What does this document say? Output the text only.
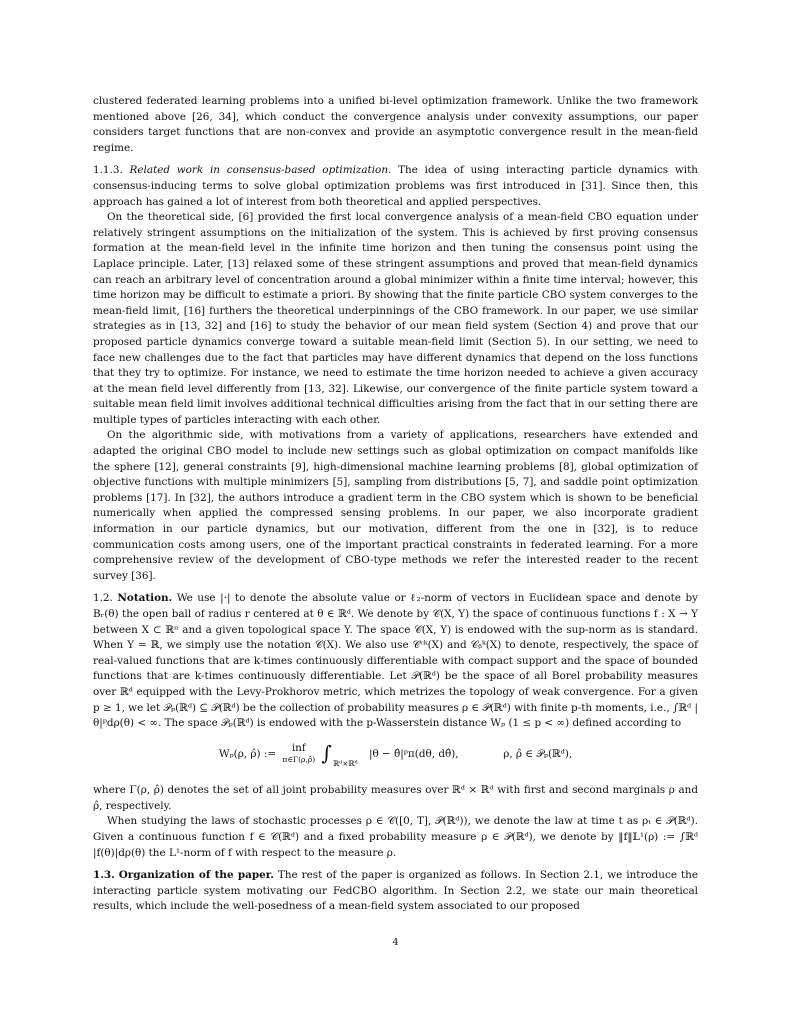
clustered federated learning problems into a unified bi-level optimization framework. Unlike the two framework mentioned above [26, 34], which conduct the convergence analysis under convexity assumptions, our paper considers target functions that are non-convex and provide an asymptotic convergence result in the mean-field regime.

1.1.3. Related work in consensus-based optimization. The idea of using interacting particle dynamics with consensus-inducing terms to solve global optimization problems was first introduced in [31]. Since then, this approach has gained a lot of interest from both theoretical and applied perspectives.

On the theoretical side, [6] provided the first local convergence analysis of a mean-field CBO equation under relatively stringent assumptions on the initialization of the system. This is achieved by first proving consensus formation at the mean-field level in the infinite time horizon and then tuning the consensus point using the Laplace principle. Later, [13] relaxed some of these stringent assumptions and proved that mean-field dynamics can reach an arbitrary level of concentration around a global minimizer within a finite time interval; however, this time horizon may be difficult to estimate a priori. By showing that the finite particle CBO system converges to the mean-field limit, [16] furthers the theoretical underpinnings of the CBO framework. In our paper, we use similar strategies as in [13, 32] and [16] to study the behavior of our mean field system (Section 4) and prove that our proposed particle dynamics converge toward a suitable mean-field limit (Section 5). In our setting, we need to face new challenges due to the fact that particles may have different dynamics that depend on the loss functions that they try to optimize. For instance, we need to estimate the time horizon needed to achieve a given accuracy at the mean field level differently from [13, 32]. Likewise, our convergence of the finite particle system toward a suitable mean field limit involves additional technical difficulties arising from the fact that in our setting there are multiple types of particles interacting with each other.

On the algorithmic side, with motivations from a variety of applications, researchers have extended and adapted the original CBO model to include new settings such as global optimization on compact manifolds like the sphere [12], general constraints [9], high-dimensional machine learning problems [8], global optimization of objective functions with multiple minimizers [5], sampling from distributions [5, 7], and saddle point optimization problems [17]. In [32], the authors introduce a gradient term in the CBO system which is shown to be beneficial numerically when applied the compressed sensing problems. In our paper, we also incorporate gradient information in our particle dynamics, but our motivation, different from the one in [32], is to reduce communication costs among users, one of the important practical constraints in federated learning. For a more comprehensive review of the development of CBO-type methods we refer the interested reader to the recent survey [36].

1.2. Notation. We use |·| to denote the absolute value or ℓ₂-norm of vectors in Euclidean space and denote by Bᵣ(θ) the open ball of radius r centered at θ ∈ ℝᵈ. We denote by 𝒞(X, Y) the space of continuous functions f : X → Y between X ⊂ ℝⁿ and a given topological space Y. The space 𝒞(X, Y) is endowed with the sup-norm as is standard. When Y = ℝ, we simply use the notation 𝒞(X). We also use 𝒞ᶜᵏ(X) and 𝒞ᵦᵏ(X) to denote, respectively, the space of real-valued functions that are k-times continuously differentiable with compact support and the space of bounded functions that are k-times continuously differentiable. Let 𝒫(ℝᵈ) be the space of all Borel probability measures over ℝᵈ equipped with the Levy-Prokhorov metric, which metrizes the topology of weak convergence. For a given p ≥ 1, we let 𝒫ₚ(ℝᵈ) ⊆ 𝒫(ℝᵈ) be the collection of probability measures ρ ∈ 𝒫(ℝᵈ) with finite p-th moments, i.e., ∫ℝᵈ |θ|ᵖdρ(θ) < ∞. The space 𝒫ₚ(ℝᵈ) is endowed with the p-Wasserstein distance Wₚ (1 ≤ p < ∞) defined according to

Wₚ(ρ, ρ̂) := inf
π∈Γ(ρ,ρ̂) $\int_{ℝᵈ\times ℝᵈ}$ |θ − θ̂|ᵖπ(dθ, dθ̂),	ρ, ρ̂ ∈ 𝒫ₚ(ℝᵈ),

where Γ(ρ, ρ̂) denotes the set of all joint probability measures over ℝᵈ × ℝᵈ with first and second marginals ρ and ρ̂, respectively.

When studying the laws of stochastic processes ρ ∈ 𝒞([0, T], 𝒫(ℝᵈ)), we denote the law at time t as ρₜ ∈ 𝒫(ℝᵈ). Given a continuous function f ∈ 𝒞(ℝᵈ) and a fixed probability measure ρ ∈ 𝒫(ℝᵈ), we denote by ‖f‖𝕃¹(ρ) := ∫ℝᵈ |f(θ)|dρ(θ) the L¹-norm of f with respect to the measure ρ.

1.3. Organization of the paper. The rest of the paper is organized as follows. In Section 2.1, we introduce the interacting particle system motivating our FedCBO algorithm. In Section 2.2, we state our main theoretical results, which include the well-posedness of a mean-field system associated to our proposed

4
